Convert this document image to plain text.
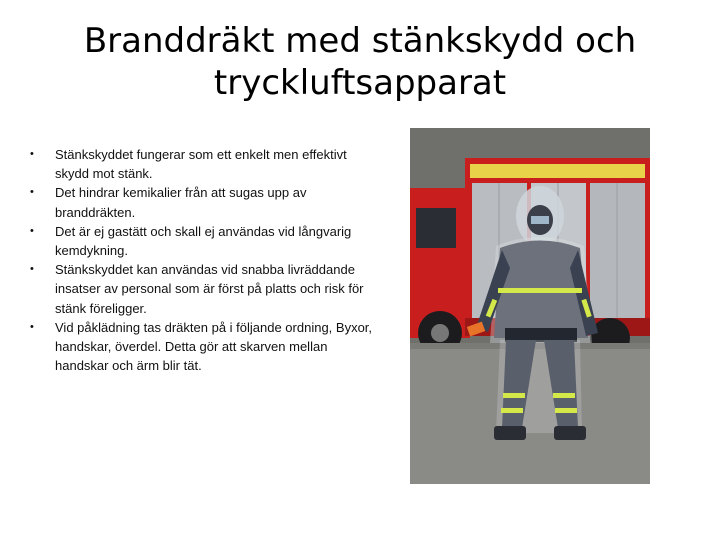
Branddräkt med stänkskydd och
tryckluftsapparat
• Stänkskyddet fungerar som ett enkelt men effektivt skydd mot stänk.
• Det hindrar kemikalier från att sugas upp av branddräkten.
• Det är ej gastätt och skall ej användas vid långvarig kemdykning.
• Stänkskyddet kan användas vid snabba livräddande insatser av personal som är först på platts och risk för stänk föreligger.
• Vid påklädning tas dräkten på i följande ordning, Byxor, handskar, överdel. Detta gör att skarven mellan handskar och ärm blir tät.
